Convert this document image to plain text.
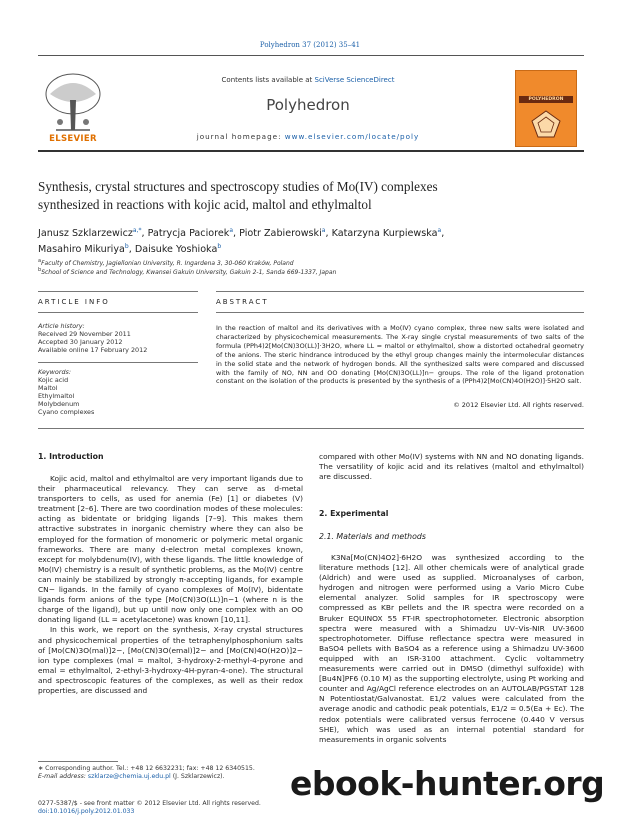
Polyhedron 37 (2012) 35–41
ELSEVIER
Contents lists available at SciVerse ScienceDirect
Polyhedron
journal homepage: www.elsevier.com/locate/poly
POLYHEDRON
Synthesis, crystal structures and spectroscopy studies of Mo(IV) complexes
synthesized in reactions with kojic acid, maltol and ethylmaltol
Janusz Szklarzewicz$^{a,*}$, Patrycja Paciorek$^a$, Piotr Zabierowski$^a$, Katarzyna Kurpiewska$^a$,
Masahiro Mikuriya$^b$, Daisuke Yoshioka$^b$
$^a$Faculty of Chemistry, Jagiellonian University, R. Ingardena 3, 30-060 Kraków, Poland
$^b$School of Science and Technology, Kwansei Gakuin University, Gakuin 2-1, Sanda 669-1337, Japan
ARTICLE INFO	ABSTRACT
Article history:
Received 29 November 2011
Accepted 30 January 2012
Available online 17 February 2012
Keywords:
Kojic acid
Maltol
Ethylmaltol
Molybdenum
Cyano complexes
In the reaction of maltol and its derivatives with a Mo(IV) cyano complex, three new salts were isolated and characterized by physicochemical measurements. The X-ray single crystal measurements of two salts of the formula (PPh4)2[Mo(CN)3O(LL)]·3H2O, where LL = maltol or ethylmaltol, show a distorted octahedral geometry of the anions. The steric hindrance introduced by the ethyl group changes mainly the intermolecular distances in the solid state and the network of hydrogen bonds. All the synthesized salts were compared and discussed with the family of NO, NN and OO donating [Mo(CN)3O(LL)]n− groups. The role of the ligand protonation constant on the isolation of the products is presented by the synthesis of a (PPh4)2[Mo(CN)4O(H2O)]·5H2O salt.
© 2012 Elsevier Ltd. All rights reserved.
1. Introduction

Kojic acid, maltol and ethylmaltol are very important ligands due to their pharmaceutical relevancy. They can serve as d-metal transporters to cells, as used for anemia (Fe) [1] or diabetes (V) treatment [2–6]. There are two coordination modes of these molecules: acting as bidentate or bridging ligands [7–9]. This makes them attractive substrates in inorganic chemistry where they can also be employed for the formation of monomeric or polymeric metal organic frameworks. There are many d-electron metal complexes known, except for molybdenum(IV), with these ligands. The little knowledge of Mo(IV) chemistry is a result of synthetic problems, as the Mo(IV) centre can mainly be stabilized by strongly π-accepting ligands, for example CN− ligands. In the family of cyano complexes of Mo(IV), bidentate ligands form anions of the type [Mo(CN)3O(LL)]n−1 (where n is the charge of the ligand), but up until now only one complex with an OO donating ligand (LL = acetylacetone) was known [10,11].

In this work, we report on the synthesis, X-ray crystal structures and physicochemical properties of the tetraphenylphosphonium salts of [Mo(CN)3O(mal)]2−, [Mo(CN)3O(emal)]2− and [Mo(CN)4O(H2O)]2− ion type complexes (mal = maltol, 3-hydroxy-2-methyl-4-pyrone and emal = ethylmaltol, 2-ethyl-3-hydroxy-4H-pyran-4-one). The structural and spectroscopic features of the complexes, as well as their redox properties, are discussed and

compared with other Mo(IV) systems with NN and NO donating ligands. The versatility of kojic acid and its relatives (maltol and ethylmaltol) are discussed.

2. Experimental
2.1. Materials and methods

K3Na[Mo(CN)4O2]·6H2O was synthesized according to the literature methods [12]. All other chemicals were of analytical grade (Aldrich) and were used as supplied. Microanalyses of carbon, hydrogen and nitrogen were performed using a Vario Micro Cube elemental analyzer. Solid samples for IR spectroscopy were compressed as KBr pellets and the IR spectra were recorded on a Bruker EQUINOX 55 FT-IR spectrophotometer. Electronic absorption spectra were measured with a Shimadzu UV–Vis-NIR UV-3600 spectrophotometer. Diffuse reflectance spectra were measured in BaSO4 pellets with BaSO4 as a reference using a Shimadzu UV-3600 equipped with an ISR-3100 attachment. Cyclic voltammetry measurements were carried out in DMSO (dimethyl sulfoxide) with [Bu4N]PF6 (0.10 M) as the supporting electrolyte, using Pt working and counter and Ag/AgCl reference electrodes on an AUTOLAB/PGSTAT 128 N Potentiostat/Galvanostat. E1/2 values were calculated from the average anodic and cathodic peak potentials, E1/2 = 0.5(Ea + Ec). The redox potentials were calibrated versus ferrocene (0.440 V versus SHE), which was used as an internal potential standard for measurements in organic solvents

∗ Corresponding author. Tel.: +48 12 6632231; fax: +48 12 6340515.
E-mail address: szklarze@chemia.uj.edu.pl (J. Szklarzewicz).
0277-5387/$ - see front matter © 2012 Elsevier Ltd. All rights reserved.
doi:10.1016/j.poly.2012.01.033
ebook-hunter.org
